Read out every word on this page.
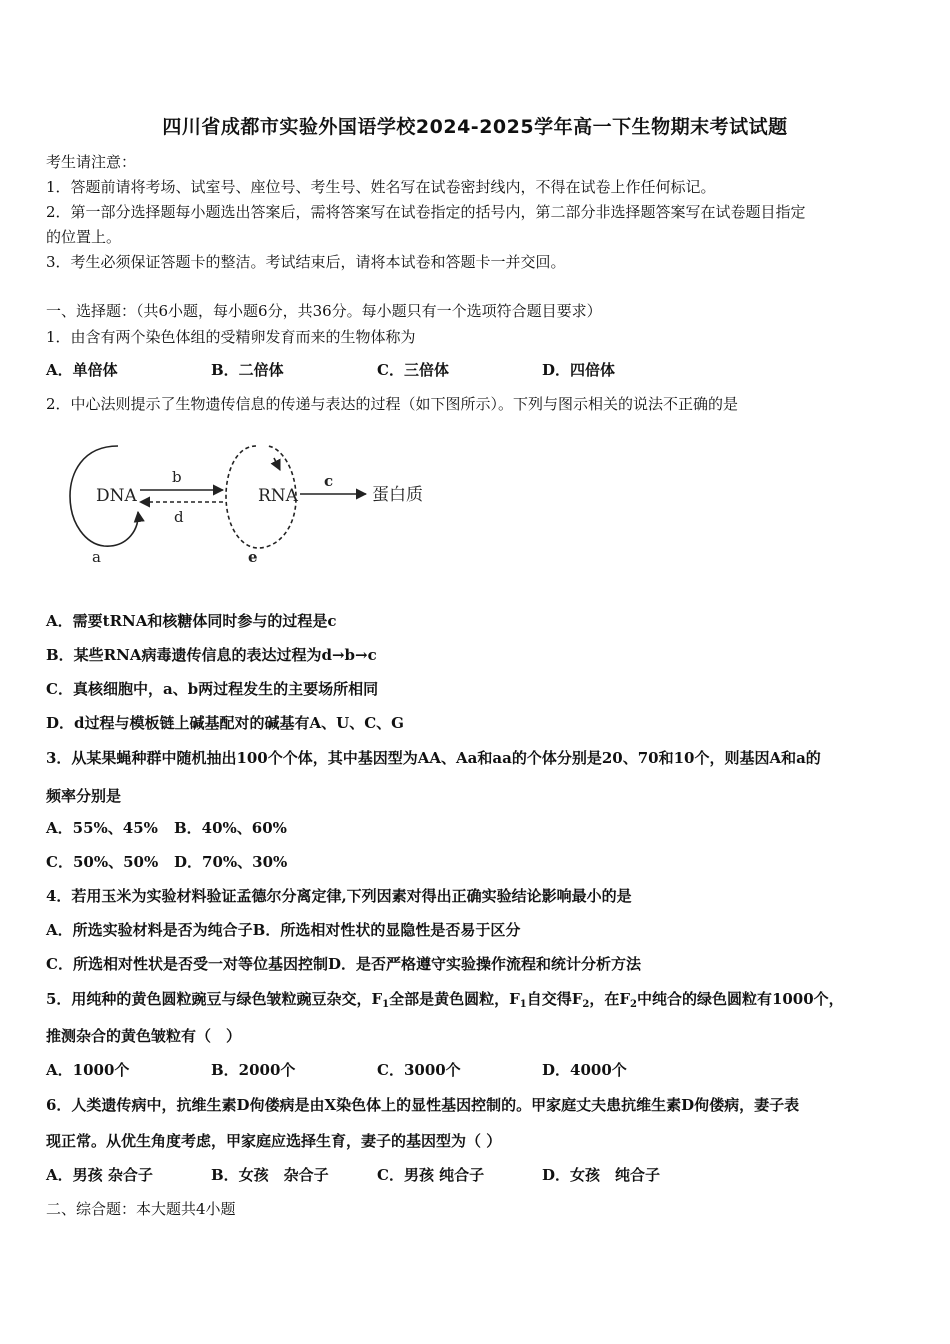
四川省成都市实验外国语学校2024-2025学年高一下生物期末考试试题
考生请注意：
1．答题前请将考场、试室号、座位号、考生号、姓名写在试卷密封线内，不得在试卷上作任何标记。
2．第一部分选择题每小题选出答案后，需将答案写在试卷指定的括号内，第二部分非选择题答案写在试卷题目指定
的位置上。
3．考生必须保证答题卡的整洁。考试结束后，请将本试卷和答题卡一并交回。
一、选择题：（共6小题，每小题6分，共36分。每小题只有一个选项符合题目要求）
1．由含有两个染色体组的受精卵发育而来的生物体称为
A．单倍体	B．二倍体	C．三倍体	D．四倍体
2．中心法则提示了生物遗传信息的传递与表达的过程（如下图所示）。下列与图示相关的说法不正确的是
DNA
a
b
d
RNA
e
c
蛋白质
A．需要tRNA和核糖体同时参与的过程是c
B．某些RNA病毒遗传信息的表达过程为d→b→c
C．真核细胞中，a、b两过程发生的主要场所相同
D．d过程与模板链上碱基配对的碱基有A、U、C、G
3．从某果蝇种群中随机抽出100个个体，其中基因型为AA、Aa和aa的个体分别是20、70和10个，则基因A和a的
频率分别是
A．55%、45% B．40%、60%
C．50%、50% D．70%、30%
4．若用玉米为实验材料验证孟德尔分离定律,下列因素对得出正确实验结论影响最小的是
A．所选实验材料是否为纯合子B．所选相对性状的显隐性是否易于区分
C．所选相对性状是否受一对等位基因控制D．是否严格遵守实验操作流程和统计分析方法
5．用纯种的黄色圆粒豌豆与绿色皱粒豌豆杂交，$F_1$全部是黄色圆粒，$F_1$自交得$F_2$，在$F_2$中纯合的绿色圆粒有1000个，
推测杂合的黄色皱粒有（　）
A．1000个	B．2000个	C．3000个	D．4000个
6．人类遗传病中，抗维生素D佝偻病是由X染色体上的显性基因控制的。甲家庭丈夫患抗维生素D佝偻病，妻子表
现正常。从优生角度考虑，甲家庭应选择生育，妻子的基因型为（ ）
A．男孩 杂合子	B．女孩　杂合子	C．男孩 纯合子	D．女孩　纯合子
二、综合题：本大题共4小题
